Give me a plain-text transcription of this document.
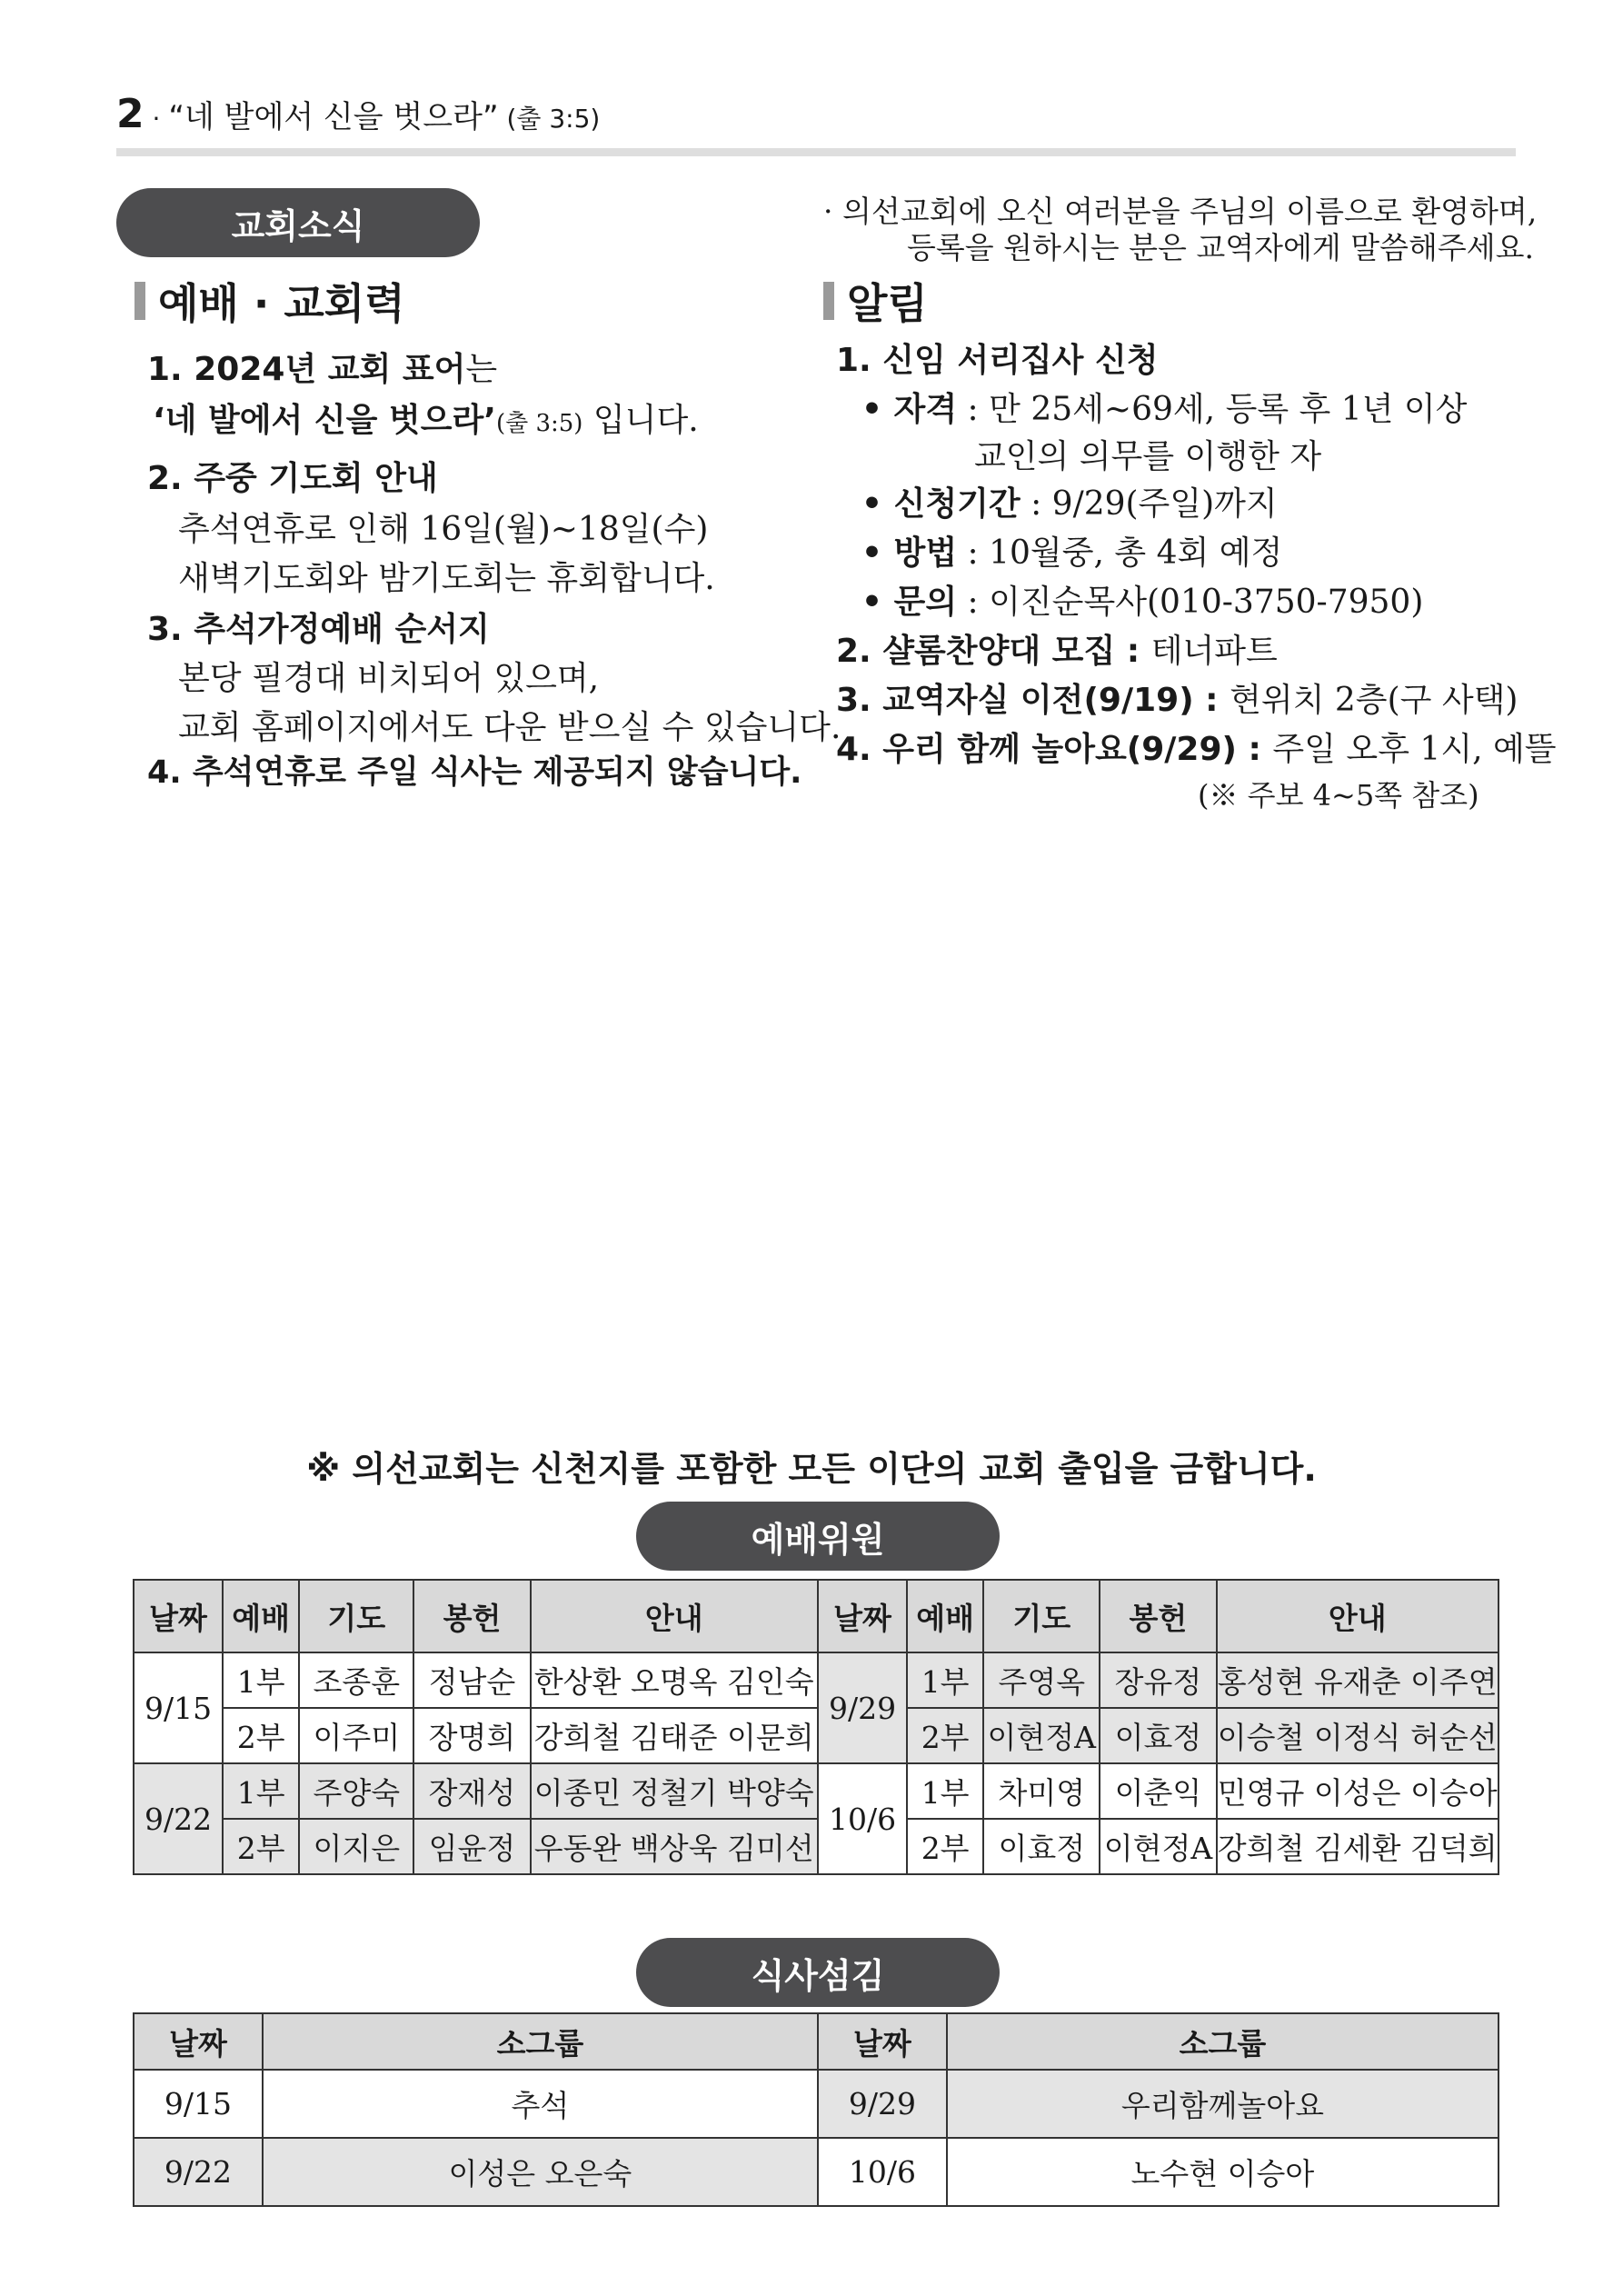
2 · “네 발에서 신을 벗으라” (출 3:5)
교회소식	· 의선교회에 오신 여러분을 주님의 이름으로 환영하며,
등록을 원하시는 분은 교역자에게 말씀해주세요.
예배 · 교회력
1. 2024년 교회 표어는
‘네 발에서 신을 벗으라’(출 3:5) 입니다.
2. 주중 기도회 안내
추석연휴로 인해 16일(월)~18일(수)
새벽기도회와 밤기도회는 휴회합니다.
3. 추석가정예배 순서지
본당 필경대 비치되어 있으며,
교회 홈페이지에서도 다운 받으실 수 있습니다.
4. 추석연휴로 주일 식사는 제공되지 않습니다.
알림
1. 신임 서리집사 신청
• 자격 : 만 25세~69세, 등록 후 1년 이상
교인의 의무를 이행한 자
• 신청기간 : 9/29(주일)까지
• 방법 : 10월중, 총 4회 예정
• 문의 : 이진순목사(010-3750-7950)
2. 샬롬찬양대 모집 : 테너파트
3. 교역자실 이전(9/19) : 현위치 2층(구 사택)
4. 우리 함께 놀아요(9/29) : 주일 오후 1시, 예뜰
(※ 주보 4~5쪽 참조)
※ 의선교회는 신천지를 포함한 모든 이단의 교회 출입을 금합니다.
예배위원
날짜	예배	기도	봉헌	안내	날짜	예배	기도	봉헌	안내
9/15	1부	조종훈	정남순	한상환 오명옥 김인숙	9/29	1부	주영옥	장유정	홍성현 유재춘 이주연
	2부	이주미	장명희	강희철 김태준 이문희		2부	이현정A	이효정	이승철 이정식 허순선
9/22	1부	주양숙	장재성	이종민 정철기 박양숙	10/6	1부	차미영	이춘익	민영규 이성은 이승아
	2부	이지은	임윤정	우동완 백상욱 김미선		2부	이효정	이현정A	강희철 김세환 김덕희
식사섬김
날짜	소그룹	날짜	소그룹
9/15	추석	9/29	우리함께놀아요
9/22	이성은 오은숙	10/6	노수현 이승아
